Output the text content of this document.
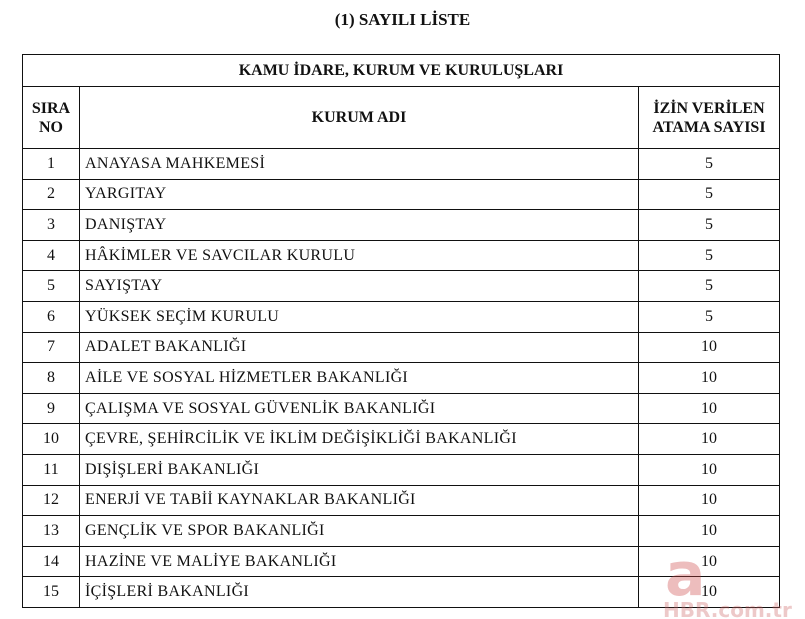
(1) SAYILI LİSTE
KAMU İDARE, KURUM VE KURULUŞLARI		
SIRA NO	KURUM ADI	İZİN VERİLEN ATAMA SAYISI
1	ANAYASA MAHKEMESİ	5
2	YARGITAY	5
3	DANIŞTAY	5
4	HÂKİMLER VE SAVCILAR KURULU	5
5	SAYIŞTAY	5
6	YÜKSEK SEÇİM KURULU	5
7	ADALET BAKANLIĞI	10
8	AİLE VE SOSYAL HİZMETLER BAKANLIĞI	10
9	ÇALIŞMA VE SOSYAL GÜVENLİK BAKANLIĞI	10
10	ÇEVRE, ŞEHİRCİLİK VE İKLİM DEĞİŞİKLİĞİ BAKANLIĞI	10
11	DIŞİŞLERİ BAKANLIĞI	10
12	ENERJİ VE TABİİ KAYNAKLAR BAKANLIĞI	10
13	GENÇLİK VE SPOR BAKANLIĞI	10
14	HAZİNE VE MALİYE BAKANLIĞI	10
15	İÇİŞLERİ BAKANLIĞI	10
a
HBR.com.tr
